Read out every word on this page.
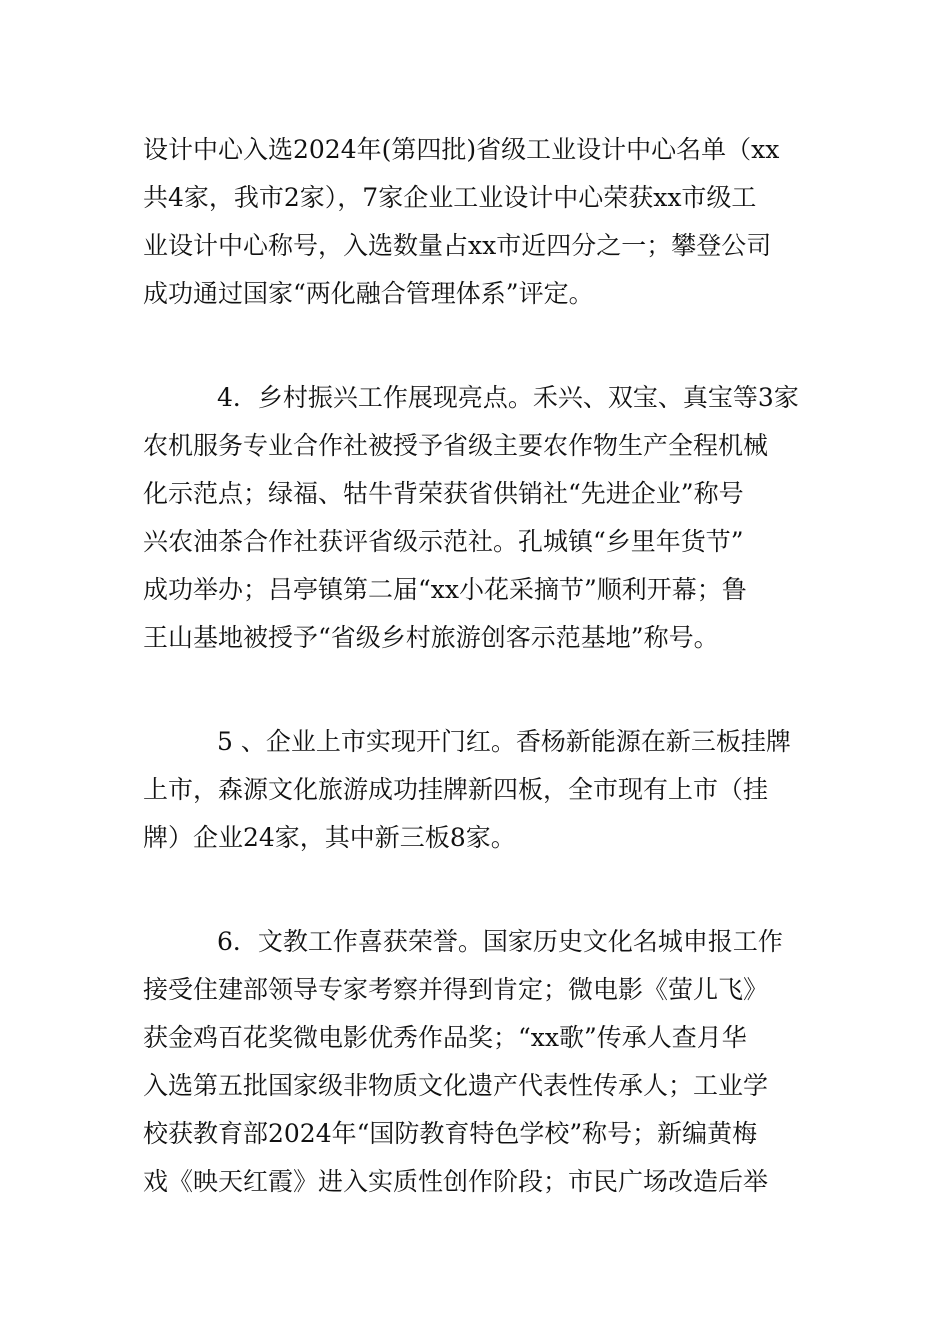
设计中心入选2024年(第四批)省级工业设计中心名单（xx
共4家，我市2家），7家企业工业设计中心荣获xx市级工
业设计中心称号，入选数量占xx市近四分之一；攀登公司
成功通过国家“两化融合管理体系”评定。
4．乡村振兴工作展现亮点。禾兴、双宝、真宝等3家
农机服务专业合作社被授予省级主要农作物生产全程机械
化示范点；绿福、牯牛背荣获省供销社“先进企业”称号
兴农油茶合作社获评省级示范社。孔城镇“乡里年货节”
成功举办；吕亭镇第二届“xx小花采摘节”顺利开幕；鲁
王山基地被授予“省级乡村旅游创客示范基地”称号。
5 、企业上市实现开门红。香杨新能源在新三板挂牌
上市，森源文化旅游成功挂牌新四板，全市现有上市（挂
牌）企业24家，其中新三板8家。
6．文教工作喜获荣誉。国家历史文化名城申报工作
接受住建部领导专家考察并得到肯定；微电影《萤儿飞》
获金鸡百花奖微电影优秀作品奖；“xx歌”传承人查月华
入选第五批国家级非物质文化遗产代表性传承人；工业学
校获教育部2024年“国防教育特色学校”称号；新编黄梅
戏《映天红霞》进入实质性创作阶段；市民广场改造后举
